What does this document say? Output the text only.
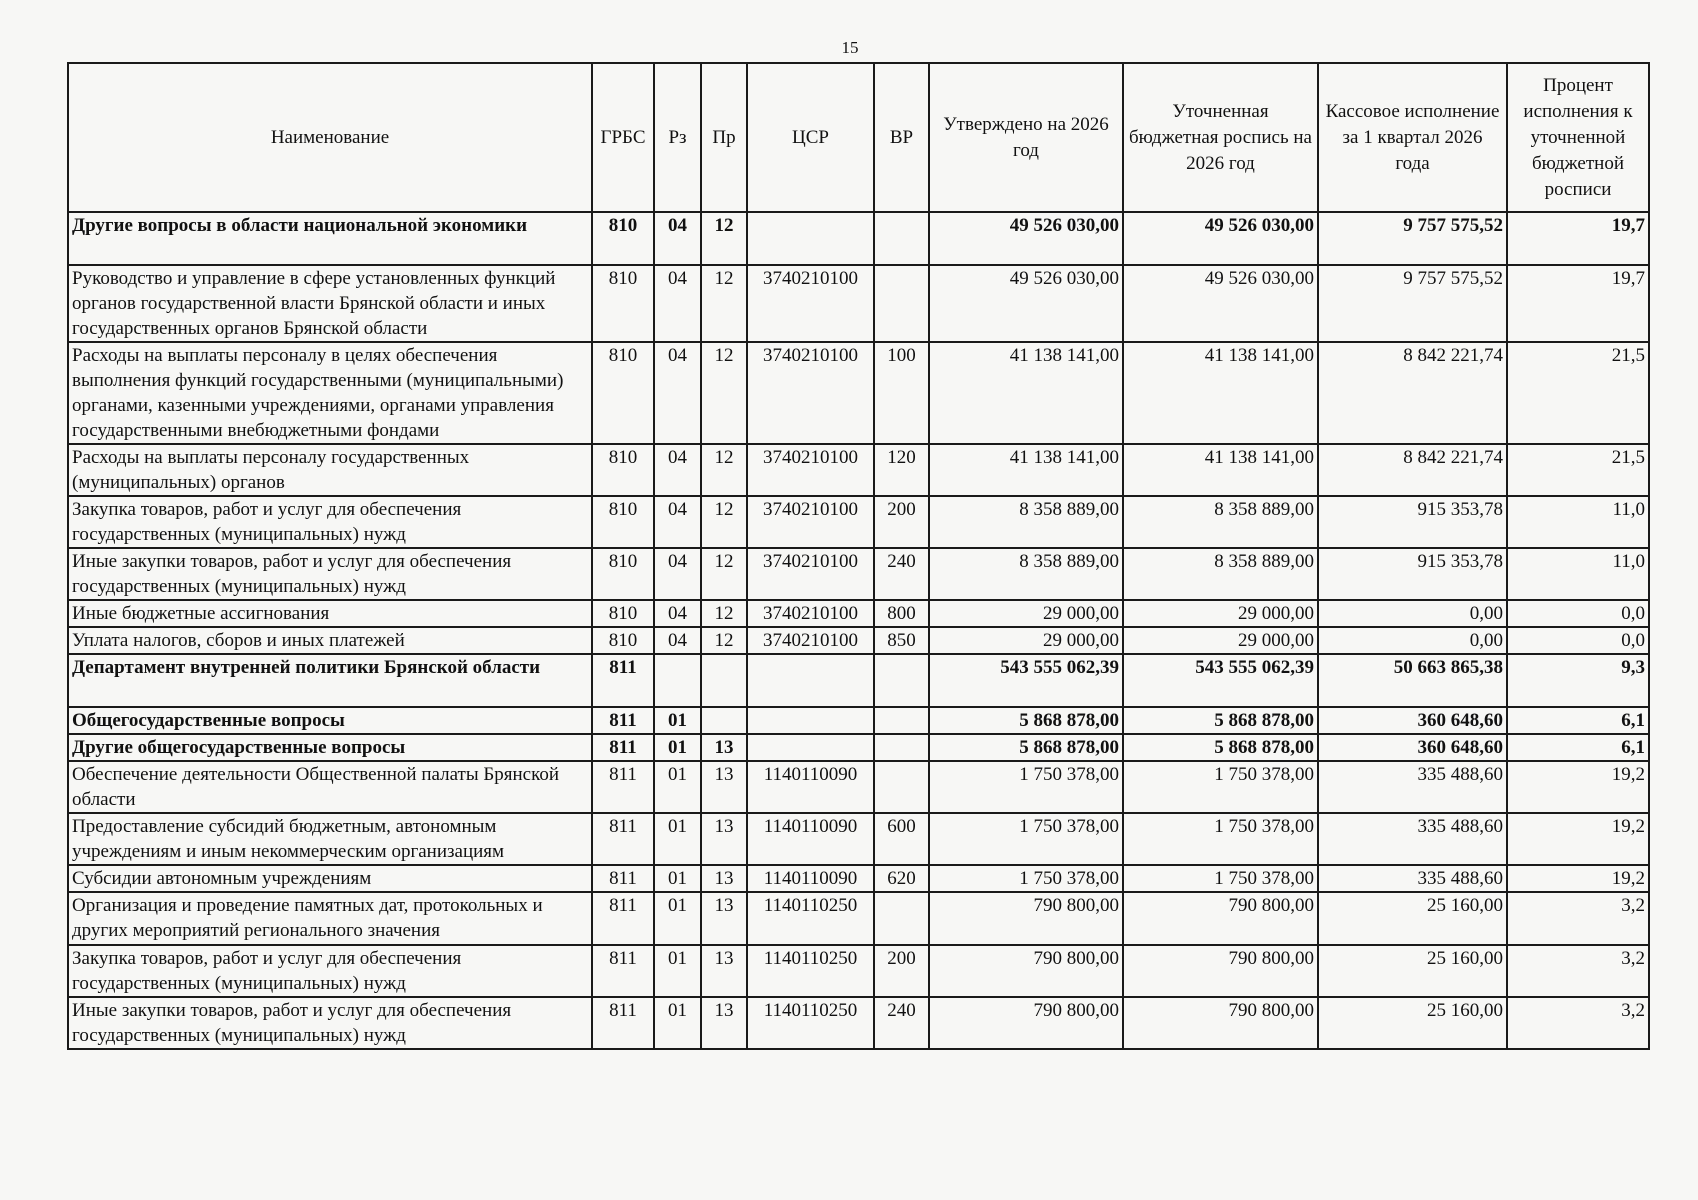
15
Наименование	ГРБС	Рз	Пр	ЦСР	ВР	Утверждено на 2026 год	Уточненная бюджетная роспись на 2026 год	Кассовое исполнение за 1 квартал 2026 года	Процент исполнения к уточненной бюджетной росписи
Другие вопросы в области национальной экономики	810	04	12			49 526 030,00	49 526 030,00	9 757 575,52	19,7
Руководство и управление в сфере установленных функций органов государственной власти Брянской области и иных государственных органов Брянской области	810	04	12	3740210100		49 526 030,00	49 526 030,00	9 757 575,52	19,7
Расходы на выплаты персоналу в целях обеспечения выполнения функций государственными (муниципальными) органами, казенными учреждениями, органами управления государственными внебюджетными фондами	810	04	12	3740210100	100	41 138 141,00	41 138 141,00	8 842 221,74	21,5
Расходы на выплаты персоналу государственных (муниципальных) органов	810	04	12	3740210100	120	41 138 141,00	41 138 141,00	8 842 221,74	21,5
Закупка товаров, работ и услуг для обеспечения государственных (муниципальных) нужд	810	04	12	3740210100	200	8 358 889,00	8 358 889,00	915 353,78	11,0
Иные закупки товаров, работ и услуг для обеспечения государственных (муниципальных) нужд	810	04	12	3740210100	240	8 358 889,00	8 358 889,00	915 353,78	11,0
Иные бюджетные ассигнования	810	04	12	3740210100	800	29 000,00	29 000,00	0,00	0,0
Уплата налогов, сборов и иных платежей	810	04	12	3740210100	850	29 000,00	29 000,00	0,00	0,0
Департамент внутренней политики Брянской области	811					543 555 062,39	543 555 062,39	50 663 865,38	9,3
Общегосударственные вопросы	811	01				5 868 878,00	5 868 878,00	360 648,60	6,1
Другие общегосударственные вопросы	811	01	13			5 868 878,00	5 868 878,00	360 648,60	6,1
Обеспечение деятельности Общественной палаты Брянской области	811	01	13	1140110090		1 750 378,00	1 750 378,00	335 488,60	19,2
Предоставление субсидий бюджетным, автономным учреждениям и иным некоммерческим организациям	811	01	13	1140110090	600	1 750 378,00	1 750 378,00	335 488,60	19,2
Субсидии автономным учреждениям	811	01	13	1140110090	620	1 750 378,00	1 750 378,00	335 488,60	19,2
Организация и проведение памятных дат, протокольных и других мероприятий регионального значения	811	01	13	1140110250		790 800,00	790 800,00	25 160,00	3,2
Закупка товаров, работ и услуг для обеспечения государственных (муниципальных) нужд	811	01	13	1140110250	200	790 800,00	790 800,00	25 160,00	3,2
Иные закупки товаров, работ и услуг для обеспечения государственных (муниципальных) нужд	811	01	13	1140110250	240	790 800,00	790 800,00	25 160,00	3,2
